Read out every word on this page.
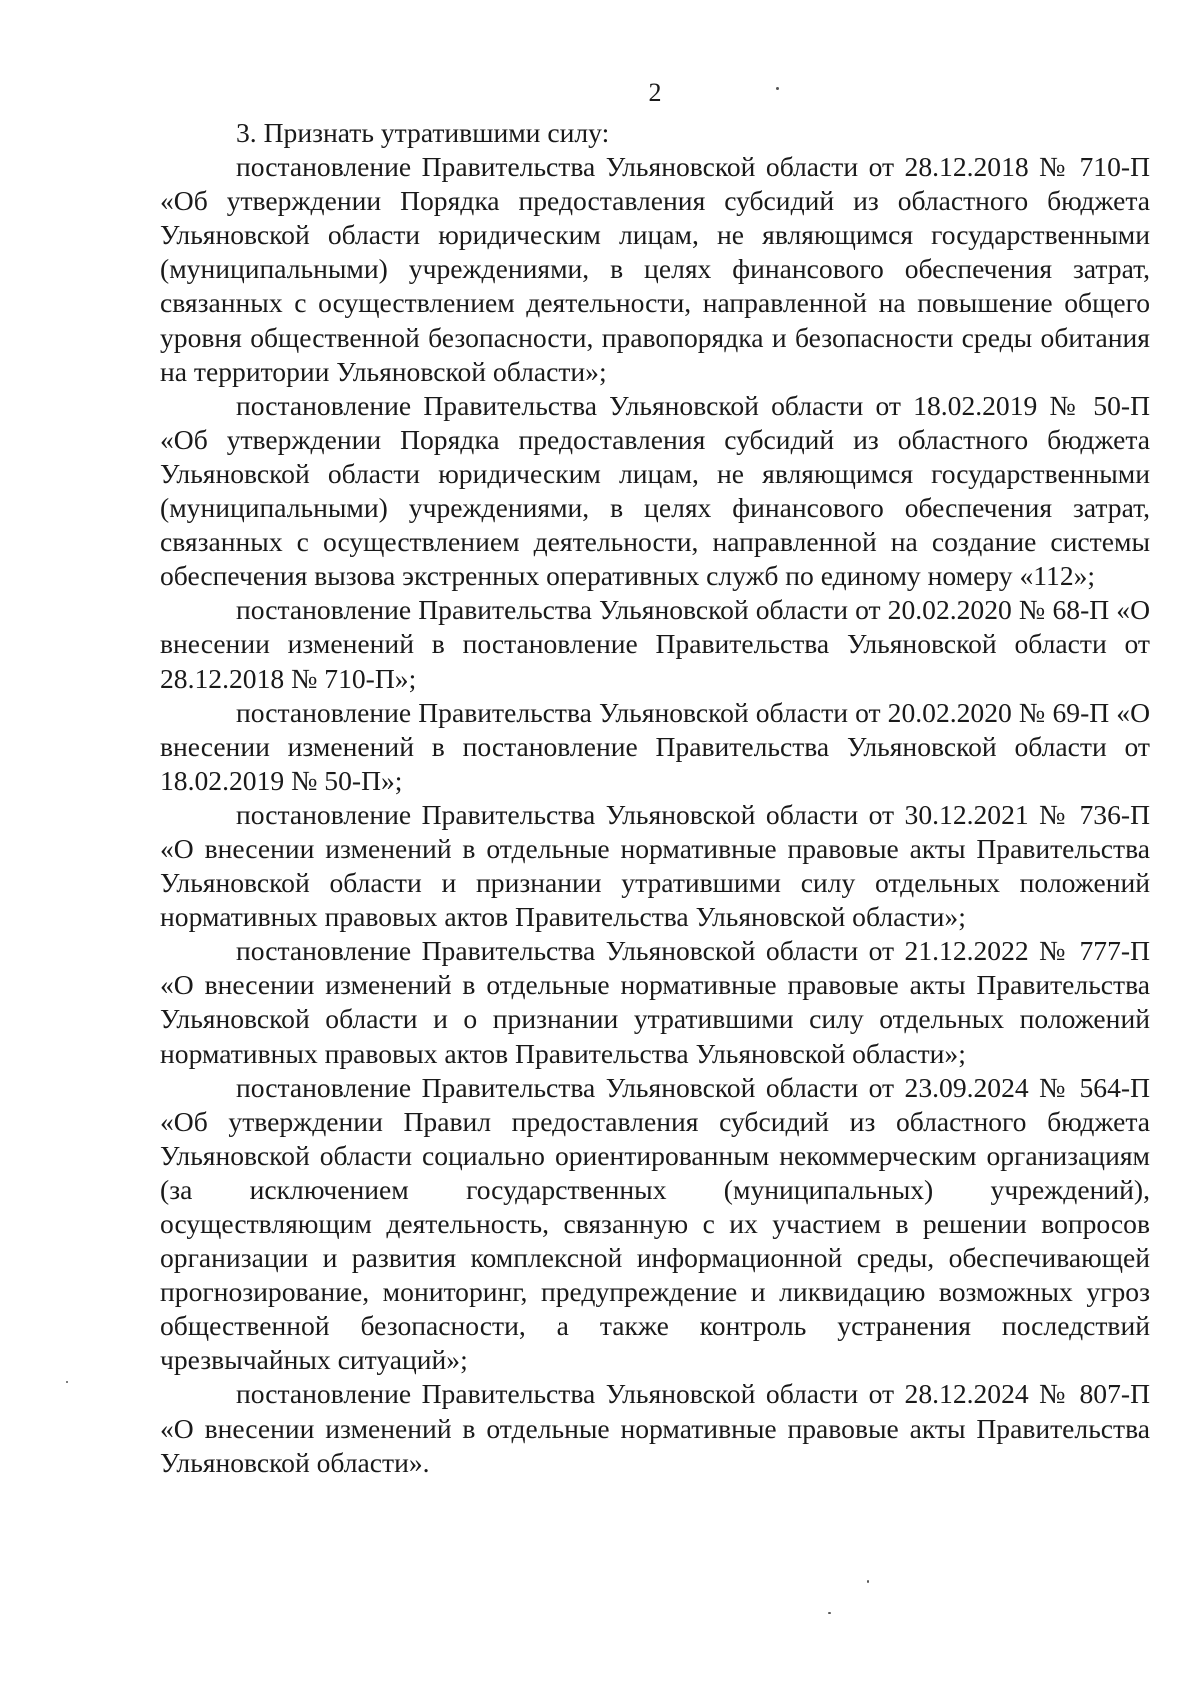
2

3. Признать утратившими силу:

постановление Правительства Ульяновской области от 28.12.2018 № 710-П «Об утверждении Порядка предоставления субсидий из областного бюджета Ульяновской области юридическим лицам, не являющимся государственными (муниципальными) учреждениями, в целях финансового обеспечения затрат, связанных с осуществлением деятельности, направленной на повышение общего уровня общественной безопасности, правопорядка и безопасности среды обитания на территории Ульяновской области»;

постановление Правительства Ульяновской области от 18.02.2019 № 50-П «Об утверждении Порядка предоставления субсидий из областного бюджета Ульяновской области юридическим лицам, не являющимся государственными (муниципальными) учреждениями, в целях финансового обеспечения затрат, связанных с осуществлением деятельности, направленной на создание системы обеспечения вызова экстренных оперативных служб по единому номеру «112»;

постановление Правительства Ульяновской области от 20.02.2020 № 68-П «О внесении изменений в постановление Правительства Ульяновской области от 28.12.2018 № 710-П»;

постановление Правительства Ульяновской области от 20.02.2020 № 69-П «О внесении изменений в постановление Правительства Ульяновской области от 18.02.2019 № 50-П»;

постановление Правительства Ульяновской области от 30.12.2021 № 736-П «О внесении изменений в отдельные нормативные правовые акты Правительства Ульяновской области и признании утратившими силу отдельных положений нормативных правовых актов Правительства Ульяновской области»;

постановление Правительства Ульяновской области от 21.12.2022 № 777-П «О внесении изменений в отдельные нормативные правовые акты Правительства Ульяновской области и о признании утратившими силу отдельных положений нормативных правовых актов Правительства Ульяновской области»;

постановление Правительства Ульяновской области от 23.09.2024 № 564-П «Об утверждении Правил предоставления субсидий из областного бюджета Ульяновской области социально ориентированным некоммерческим организациям (за исключением государственных (муниципальных) учреждений), осуществляющим деятельность, связанную с их участием в решении вопросов организации и развития комплексной информационной среды, обеспечивающей прогнозирование, мониторинг, предупреждение и ликвидацию возможных угроз общественной безопасности, а также контроль устранения последствий чрезвычайных ситуаций»;

постановление Правительства Ульяновской области от 28.12.2024 № 807-П «О внесении изменений в отдельные нормативные правовые акты Правительства Ульяновской области».
